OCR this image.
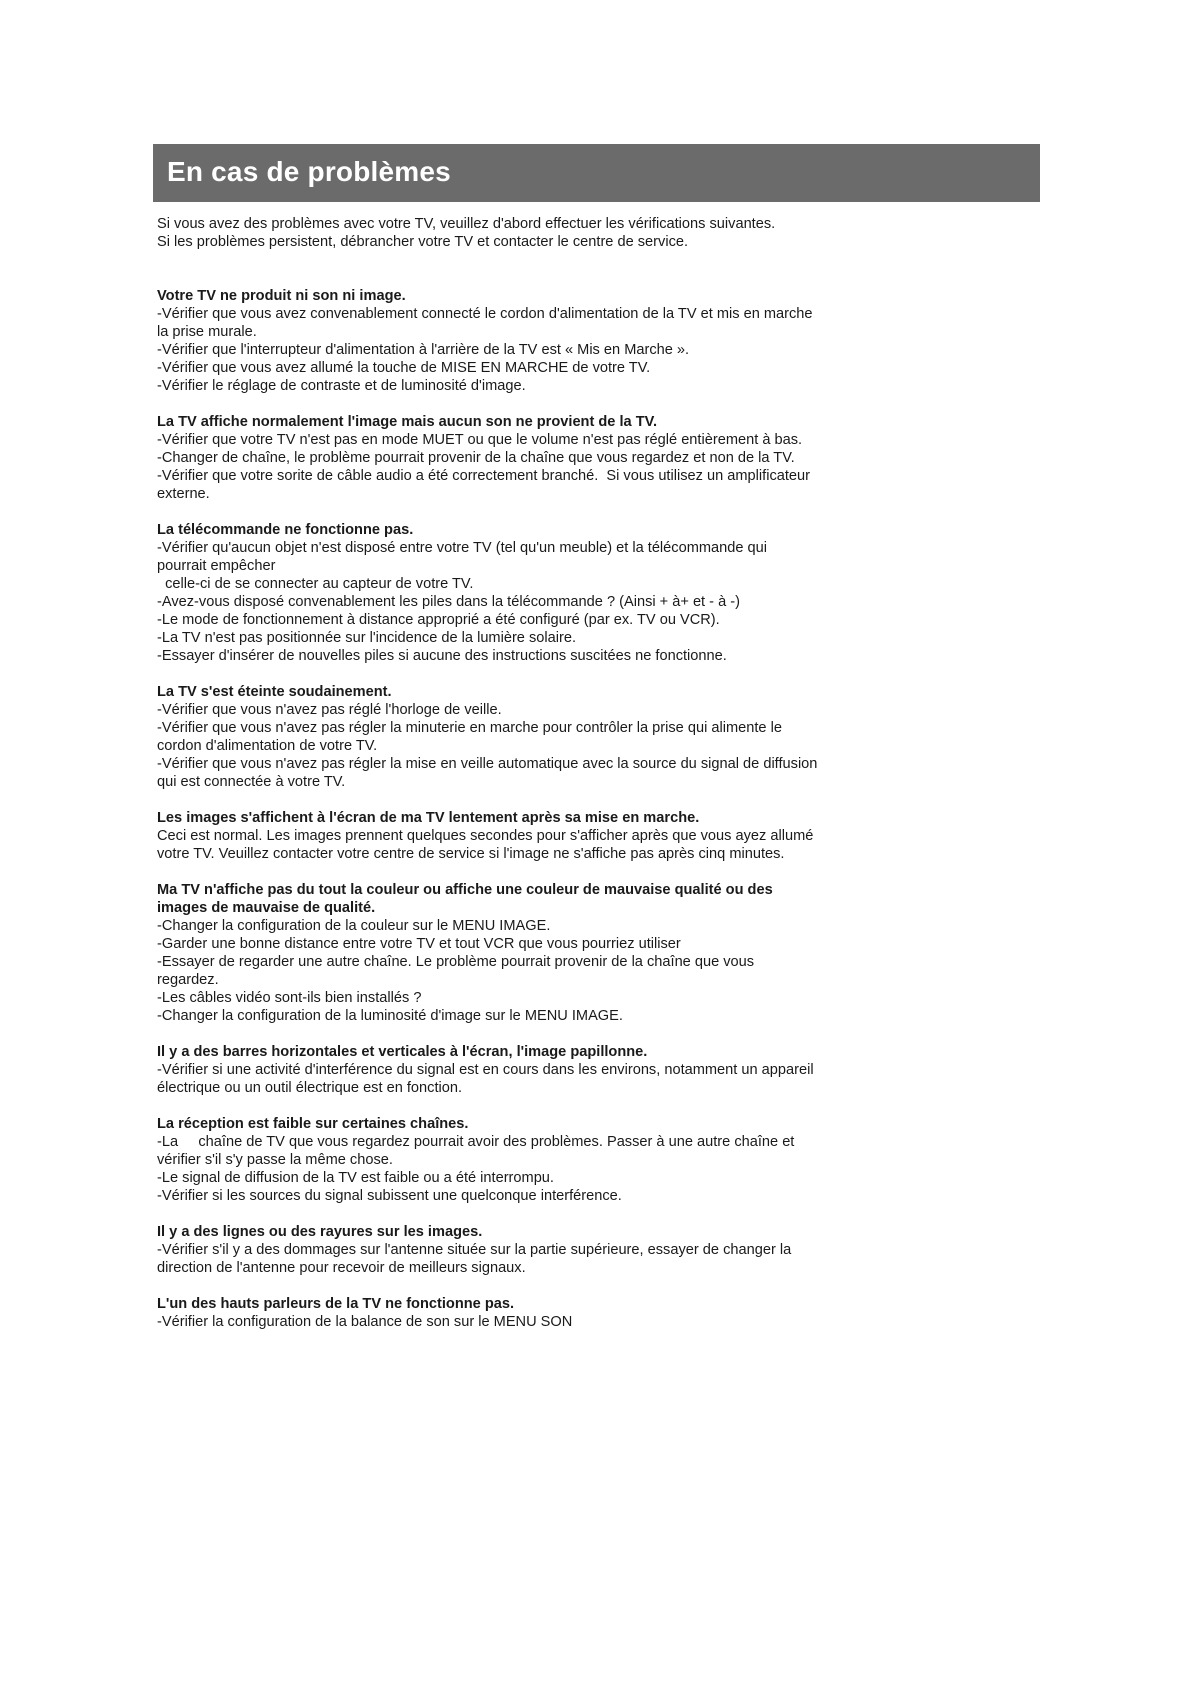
En cas de problèmes

Si vous avez des problèmes avec votre TV, veuillez d'abord effectuer les vérifications suivantes.

Si les problèmes persistent, débrancher votre TV et contacter le centre de service.

Votre TV ne produit ni son ni image.

-Vérifier que vous avez convenablement connecté le cordon d'alimentation de la TV et mis en marche

la prise murale.

-Vérifier que l'interrupteur d'alimentation à l'arrière de la TV est « Mis en Marche ».

-Vérifier que vous avez allumé la touche de MISE EN MARCHE de votre TV.

-Vérifier le réglage de contraste et de luminosité d'image.

La TV affiche normalement l'image mais aucun son ne provient de la TV.

-Vérifier que votre TV n'est pas en mode MUET ou que le volume n'est pas réglé entièrement à bas.

-Changer de chaîne, le problème pourrait provenir de la chaîne que vous regardez et non de la TV.

-Vérifier que votre sorite de câble audio a été correctement branché.  Si vous utilisez un amplificateur

externe.

La télécommande ne fonctionne pas.

-Vérifier qu'aucun objet n'est disposé entre votre TV (tel qu'un meuble) et la télécommande qui

pourrait empêcher

celle-ci de se connecter au capteur de votre TV.

-Avez-vous disposé convenablement les piles dans la télécommande ? (Ainsi + à+ et - à -)

-Le mode de fonctionnement à distance approprié a été configuré (par ex. TV ou VCR).

-La TV n'est pas positionnée sur l'incidence de la lumière solaire.

-Essayer d'insérer de nouvelles piles si aucune des instructions suscitées ne fonctionne.

La TV s'est éteinte soudainement.

-Vérifier que vous n'avez pas réglé l'horloge de veille.

-Vérifier que vous n'avez pas régler la minuterie en marche pour contrôler la prise qui alimente le

cordon d'alimentation de votre TV.

-Vérifier que vous n'avez pas régler la mise en veille automatique avec la source du signal de diffusion

qui est connectée à votre TV.

Les images s'affichent à l'écran de ma TV lentement après sa mise en marche.

Ceci est normal. Les images prennent quelques secondes pour s'afficher après que vous ayez allumé

votre TV. Veuillez contacter votre centre de service si l'image ne s'affiche pas après cinq minutes.

Ma TV n'affiche pas du tout la couleur ou affiche une couleur de mauvaise qualité ou des
images de mauvaise de qualité.

-Changer la configuration de la couleur sur le MENU IMAGE.

-Garder une bonne distance entre votre TV et tout VCR que vous pourriez utiliser

-Essayer de regarder une autre chaîne. Le problème pourrait provenir de la chaîne que vous

regardez.

-Les câbles vidéo sont-ils bien installés ?

-Changer la configuration de la luminosité d'image sur le MENU IMAGE.

Il y a des barres horizontales et verticales à l'écran, l'image papillonne.

-Vérifier si une activité d'interférence du signal est en cours dans les environs, notamment un appareil

électrique ou un outil électrique est en fonction.

La réception est faible sur certaines chaînes.

-La     chaîne de TV que vous regardez pourrait avoir des problèmes. Passer à une autre chaîne et

vérifier s'il s'y passe la même chose.

-Le signal de diffusion de la TV est faible ou a été interrompu.

-Vérifier si les sources du signal subissent une quelconque interférence.

Il y a des lignes ou des rayures sur les images.

-Vérifier s'il y a des dommages sur l'antenne située sur la partie supérieure, essayer de changer la

direction de l'antenne pour recevoir de meilleurs signaux.

L'un des hauts parleurs de la TV ne fonctionne pas.

-Vérifier la configuration de la balance de son sur le MENU SON
